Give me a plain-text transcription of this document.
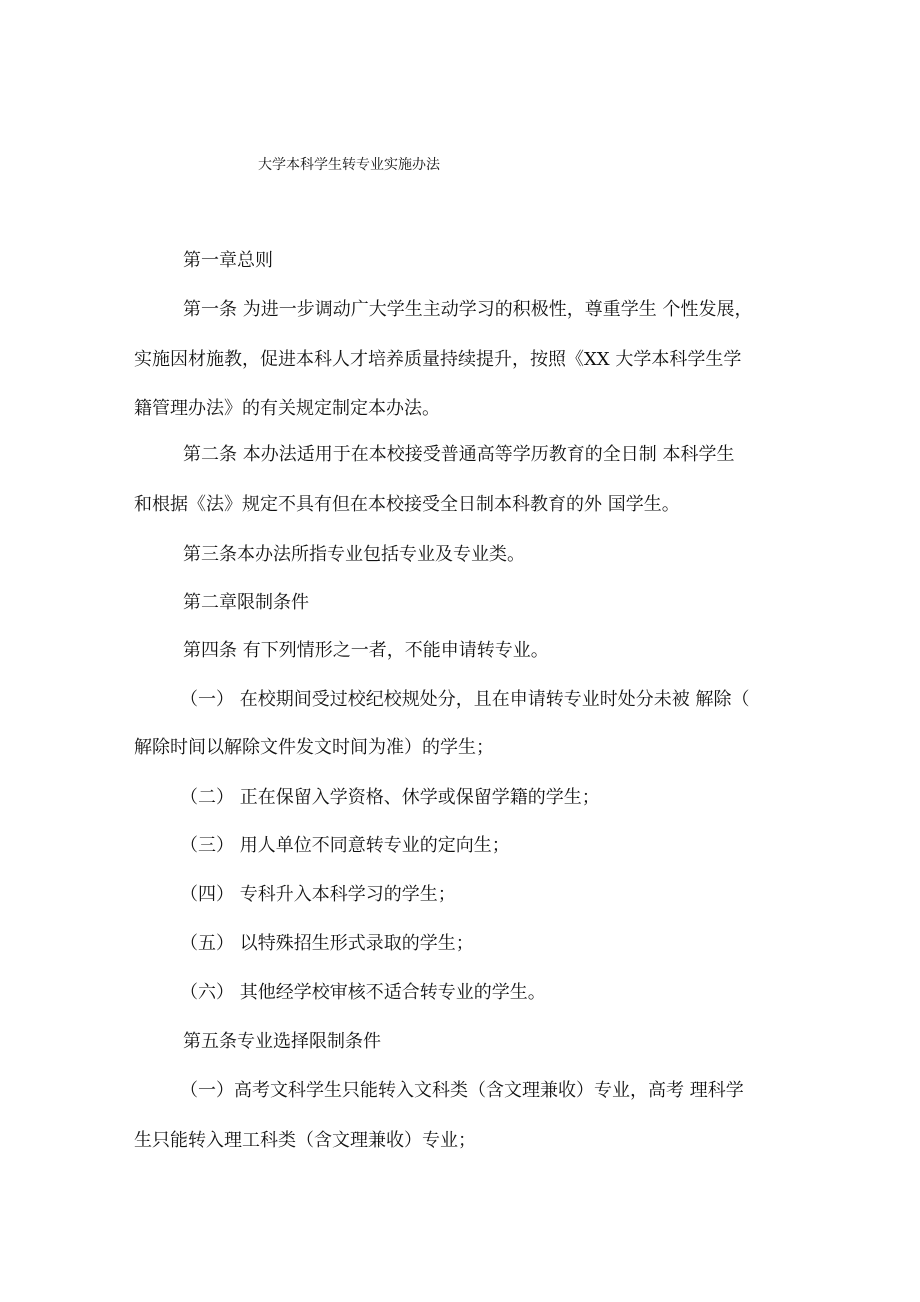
大学本科学生转专业实施办法
第一章总则
第一条 为进一步调动广大学生主动学习的积极性，尊重学生 个性发展，
实施因材施教，促进本科人才培养质量持续提升，按照《XX 大学本科学生学
籍管理办法》的有关规定制定本办法。
第二条 本办法适用于在本校接受普通高等学历教育的全日制 本科学生
和根据《法》规定不具有但在本校接受全日制本科教育的外 国学生。
第三条本办法所指专业包括专业及专业类。
第二章限制条件
第四条 有下列情形之一者，不能申请转专业。
（一） 在校期间受过校纪校规处分，且在申请转专业时处分未被 解除（
解除时间以解除文件发文时间为准）的学生；
（二） 正在保留入学资格、休学或保留学籍的学生；
（三） 用人单位不同意转专业的定向生；
（四） 专科升入本科学习的学生；
（五） 以特殊招生形式录取的学生；
（六） 其他经学校审核不适合转专业的学生。
第五条专业选择限制条件
（一）高考文科学生只能转入文科类（含文理兼收）专业，高考 理科学
生只能转入理工科类（含文理兼收）专业；
